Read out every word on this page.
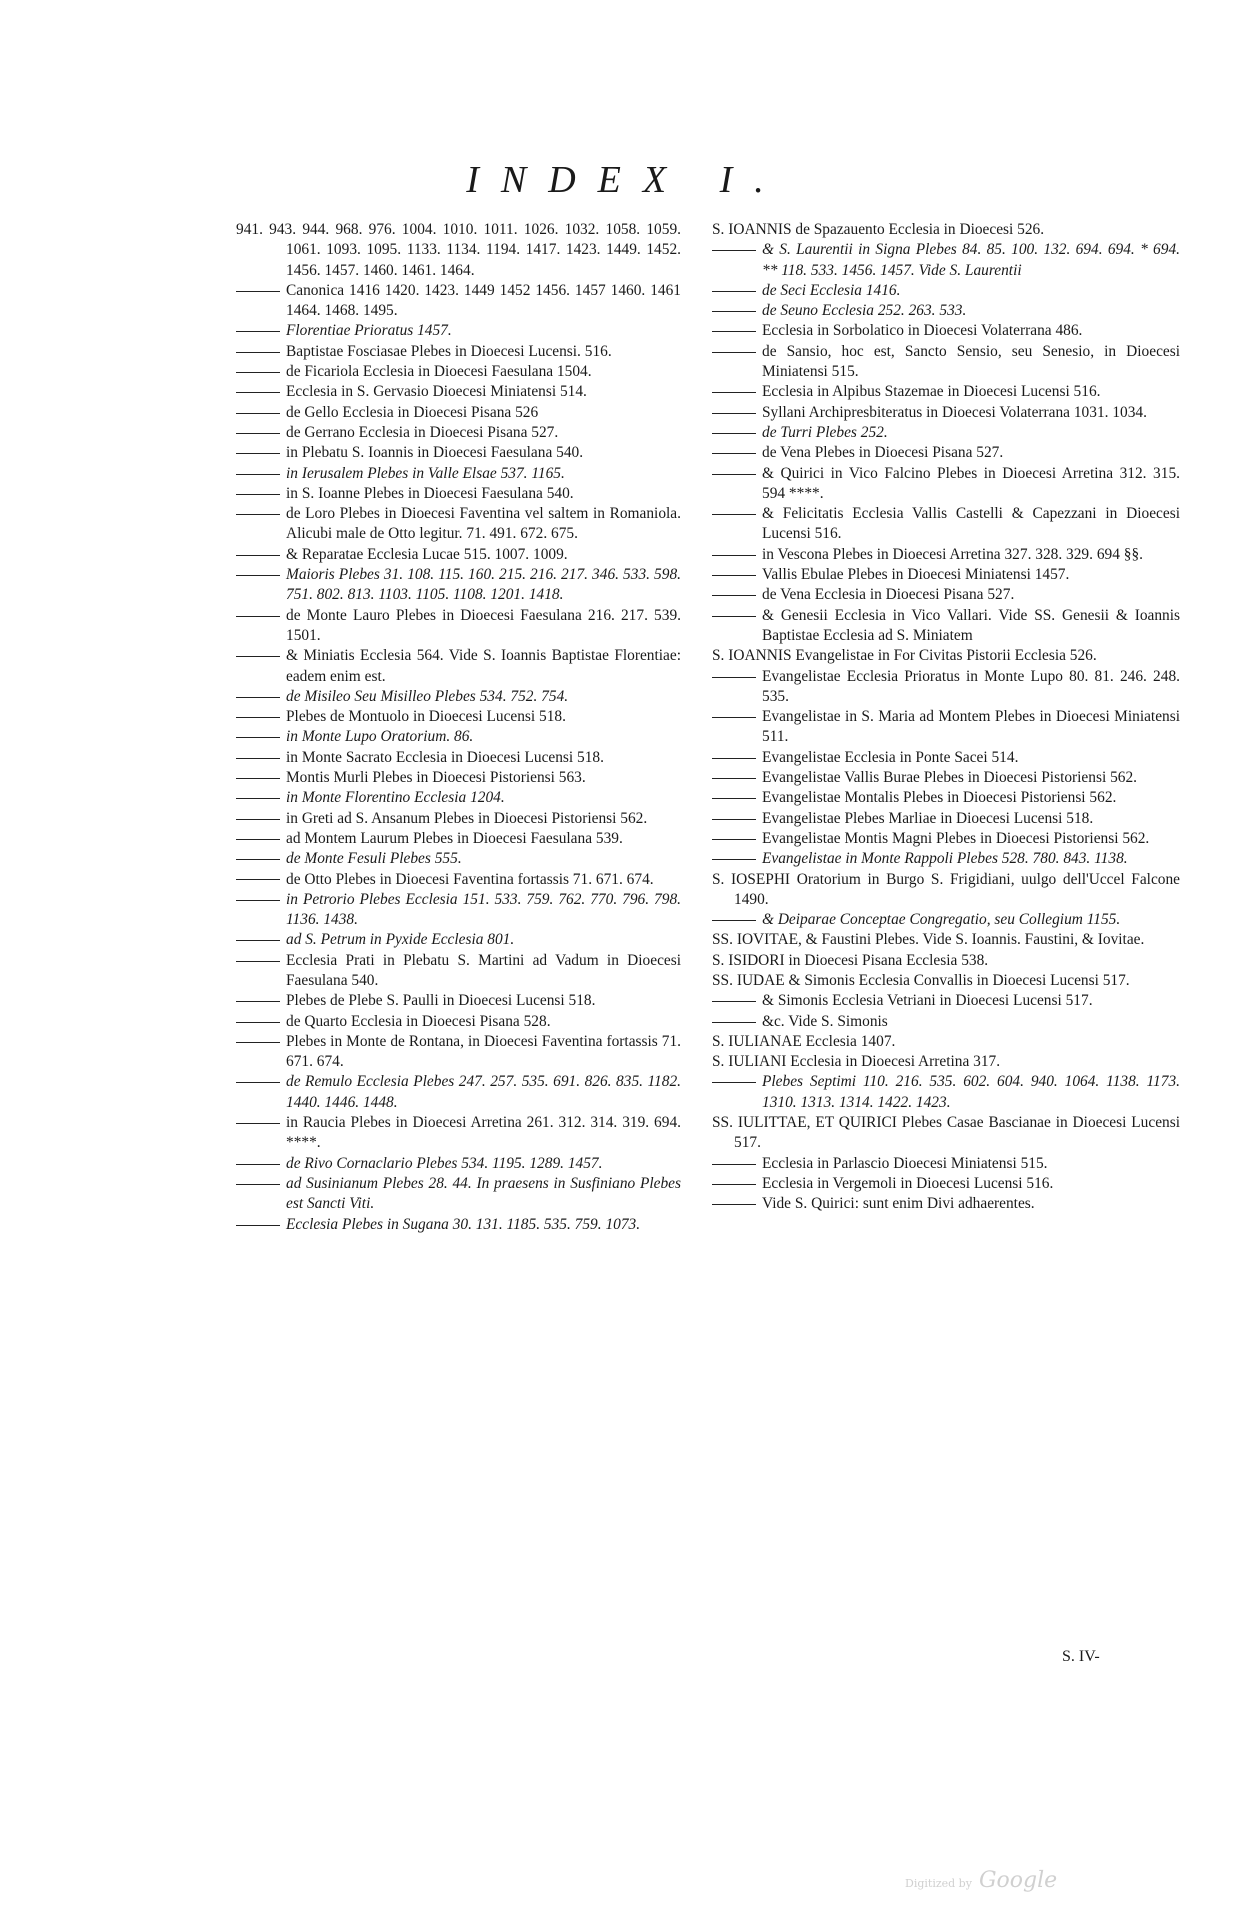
INDEX I.

941. 943. 944. 968. 976. 1004. 1010. 1011. 1026. 1032. 1058. 1059. 1061. 1093. 1095. 1133. 1134. 1194. 1417. 1423. 1449. 1452. 1456. 1457. 1460. 1461. 1464.

Canonica 1416 1420. 1423. 1449 1452 1456. 1457 1460. 1461 1464. 1468. 1495.

Florentiae Prioratus 1457.

Baptistae Fosciasae Plebes in Dioecesi Lucensi. 516.

de Ficariola Ecclesia in Dioecesi Faesulana 1504.

Ecclesia in S. Gervasio Dioecesi Miniatensi 514.

de Gello Ecclesia in Dioecesi Pisana 526

de Gerrano Ecclesia in Dioecesi Pisana 527.

in Plebatu S. Ioannis in Dioecesi Faesulana 540.

in Ierusalem Plebes in Valle Elsae 537. 1165.

in S. Ioanne Plebes in Dioecesi Faesulana 540.

de Loro Plebes in Dioecesi Faventina vel saltem in Romaniola. Alicubi male de Otto legitur. 71. 491. 672. 675.

& Reparatae Ecclesia Lucae 515. 1007. 1009.

Maioris Plebes 31. 108. 115. 160. 215. 216. 217. 346. 533. 598. 751. 802. 813. 1103. 1105. 1108. 1201. 1418.

de Monte Lauro Plebes in Dioecesi Faesulana 216. 217. 539. 1501.

& Miniatis Ecclesia 564. Vide S. Ioannis Baptistae Florentiae: eadem enim est.

de Misileo Seu Misilleo Plebes 534. 752. 754.

Plebes de Montuolo in Dioecesi Lucensi 518.

in Monte Lupo Oratorium. 86.

in Monte Sacrato Ecclesia in Dioecesi Lucensi 518.

Montis Murli Plebes in Dioecesi Pistoriensi 563.

in Monte Florentino Ecclesia 1204.

in Greti ad S. Ansanum Plebes in Dioecesi Pistoriensi 562.

ad Montem Laurum Plebes in Dioecesi Faesulana 539.

de Monte Fesuli Plebes 555.

de Otto Plebes in Dioecesi Faventina fortassis 71. 671. 674.

in Petrorio Plebes Ecclesia 151. 533. 759. 762. 770. 796. 798. 1136. 1438.

ad S. Petrum in Pyxide Ecclesia 801.

Ecclesia Prati in Plebatu S. Martini ad Vadum in Dioecesi Faesulana 540.

Plebes de Plebe S. Paulli in Dioecesi Lucensi 518.

de Quarto Ecclesia in Dioecesi Pisana 528.

Plebes in Monte de Rontana, in Dioecesi Faventina fortassis 71. 671. 674.

de Remulo Ecclesia Plebes 247. 257. 535. 691. 826. 835. 1182. 1440. 1446. 1448.

in Raucia Plebes in Dioecesi Arretina 261. 312. 314. 319. 694. ****.

de Rivo Cornaclario Plebes 534. 1195. 1289. 1457.

ad Susinianum Plebes 28. 44. In praesens in Susfiniano Plebes est Sancti Viti.

Ecclesia Plebes in Sugana 30. 131. 1185. 535. 759. 1073.

S. IOANNIS de Spazauento Ecclesia in Dioecesi 526.

& S. Laurentii in Signa Plebes 84. 85. 100. 132. 694. 694. * 694. ** 118. 533. 1456. 1457. Vide S. Laurentii

de Seci Ecclesia 1416.

de Seuno Ecclesia 252. 263. 533.

Ecclesia in Sorbolatico in Dioecesi Volaterrana 486.

de Sansio, hoc est, Sancto Sensio, seu Senesio, in Dioecesi Miniatensi 515.

Ecclesia in Alpibus Stazemae in Dioecesi Lucensi 516.

Syllani Archipresbiteratus in Dioecesi Volaterrana 1031. 1034.

de Turri Plebes 252.

de Vena Plebes in Dioecesi Pisana 527.

& Quirici in Vico Falcino Plebes in Dioecesi Arretina 312. 315. 594 ****.

& Felicitatis Ecclesia Vallis Castelli & Capezzani in Dioecesi Lucensi 516.

in Vescona Plebes in Dioecesi Arretina 327. 328. 329. 694 §§.

Vallis Ebulae Plebes in Dioecesi Miniatensi 1457.

de Vena Ecclesia in Dioecesi Pisana 527.

& Genesii Ecclesia in Vico Vallari. Vide SS. Genesii & Ioannis Baptistae Ecclesia ad S. Miniatem

S. IOANNIS Evangelistae in For Civitas Pistorii Ecclesia 526.

Evangelistae Ecclesia Prioratus in Monte Lupo 80. 81. 246. 248. 535.

Evangelistae in S. Maria ad Montem Plebes in Dioecesi Miniatensi 511.

Evangelistae Ecclesia in Ponte Sacei 514.

Evangelistae Vallis Burae Plebes in Dioecesi Pistoriensi 562.

Evangelistae Montalis Plebes in Dioecesi Pistoriensi 562.

Evangelistae Plebes Marliae in Dioecesi Lucensi 518.

Evangelistae Montis Magni Plebes in Dioecesi Pistoriensi 562.

Evangelistae in Monte Rappoli Plebes 528. 780. 843. 1138.

S. IOSEPHI Oratorium in Burgo S. Frigidiani, uulgo dell'Uccel Falcone 1490.

& Deiparae Conceptae Congregatio, seu Collegium 1155.

SS. IOVITAE, & Faustini Plebes. Vide S. Ioannis. Faustini, & Iovitae.

S. ISIDORI in Dioecesi Pisana Ecclesia 538.

SS. IUDAE & Simonis Ecclesia Convallis in Dioecesi Lucensi 517.

& Simonis Ecclesia Vetriani in Dioecesi Lucensi 517.

&c. Vide S. Simonis

S. IULIANAE Ecclesia 1407.

S. IULIANI Ecclesia in Dioecesi Arretina 317.

Plebes Septimi 110. 216. 535. 602. 604. 940. 1064. 1138. 1173. 1310. 1313. 1314. 1422. 1423.

SS. IULITTAE, ET QUIRICI Plebes Casae Bascianae in Dioecesi Lucensi 517.

Ecclesia in Parlascio Dioecesi Miniatensi 515.

Ecclesia in Vergemoli in Dioecesi Lucensi 516.

Vide S. Quirici: sunt enim Divi adhaerentes.

S. IV-
Digitized by Google
